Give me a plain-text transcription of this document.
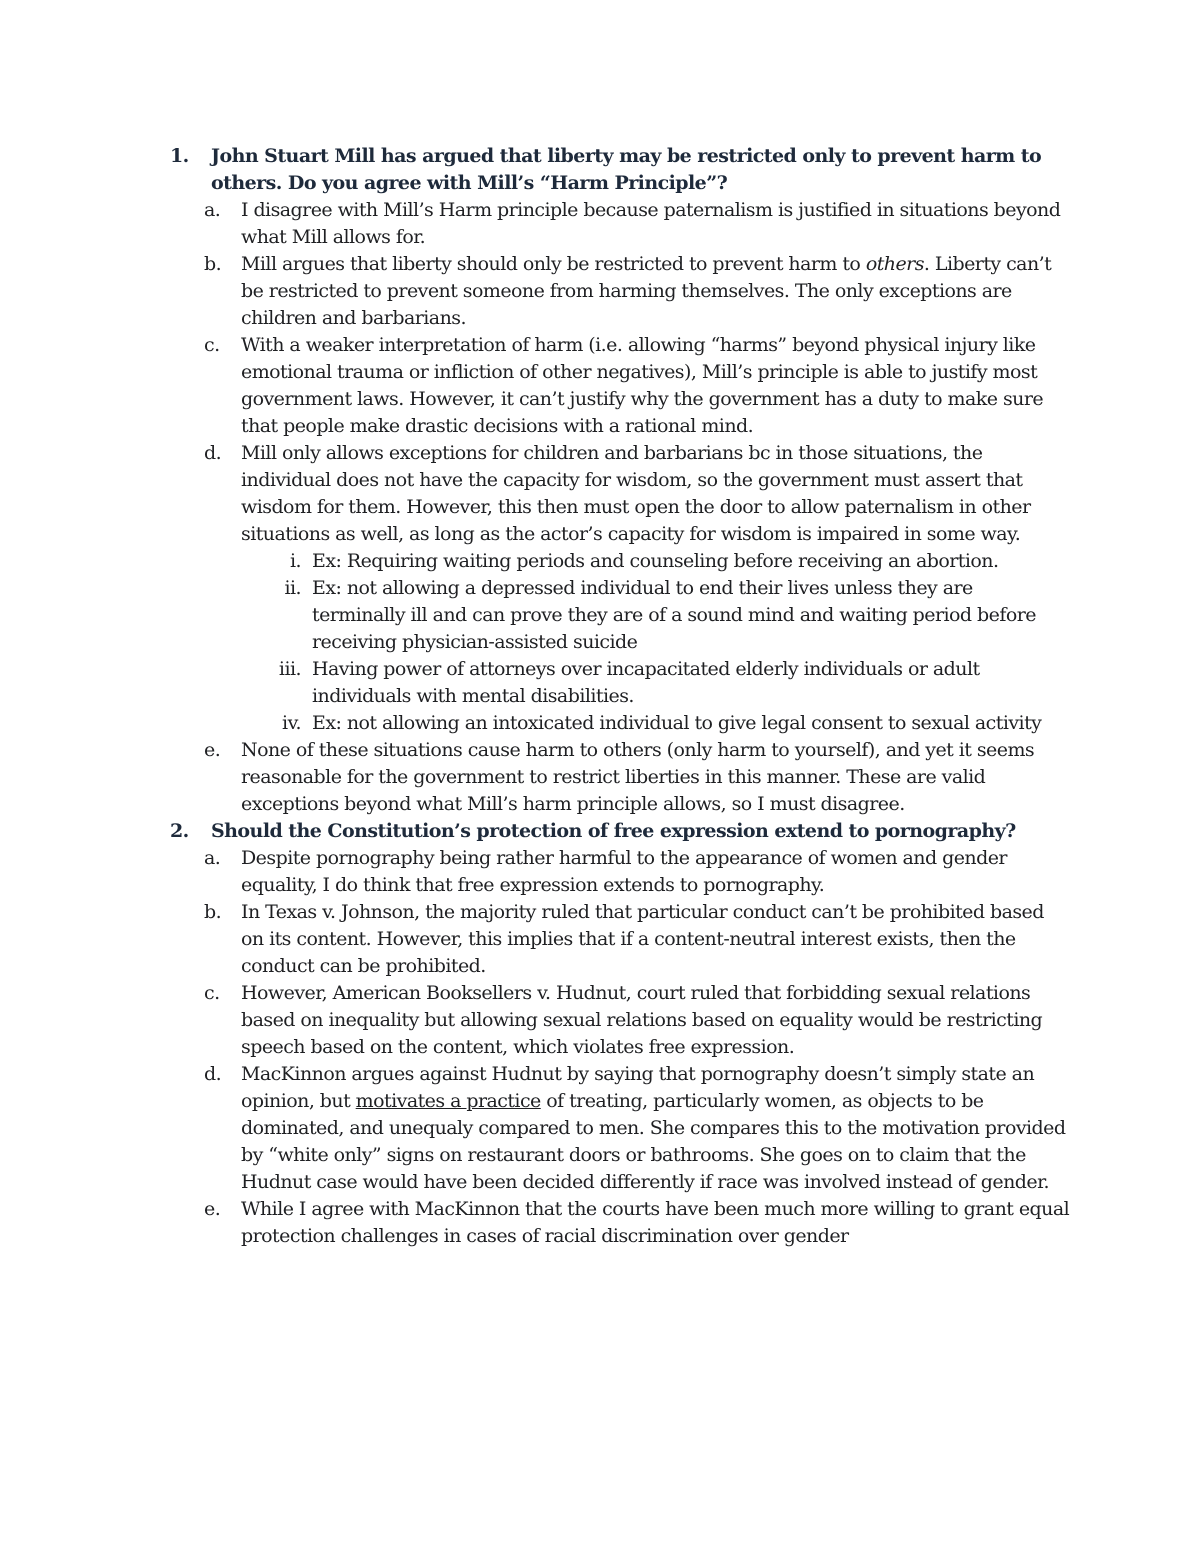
1. John Stuart Mill has argued that liberty may be restricted only to prevent harm to others. Do you agree with Mill’s “Harm Principle”?
a. I disagree with Mill’s Harm principle because paternalism is justified in situations beyond what Mill allows for.
b. Mill argues that liberty should only be restricted to prevent harm to others. Liberty can’t be restricted to prevent someone from harming themselves. The only exceptions are children and barbarians.
c. With a weaker interpretation of harm (i.e. allowing “harms” beyond physical injury like emotional trauma or infliction of other negatives), Mill’s principle is able to justify most government laws. However, it can’t justify why the government has a duty to make sure that people make drastic decisions with a rational mind.
d. Mill only allows exceptions for children and barbarians bc in those situations, the individual does not have the capacity for wisdom, so the government must assert that wisdom for them. However, this then must open the door to allow paternalism in other situations as well, as long as the actor’s capacity for wisdom is impaired in some way.
i. Ex: Requiring waiting periods and counseling before receiving an abortion.
ii. Ex: not allowing a depressed individual to end their lives unless they are terminally ill and can prove they are of a sound mind and waiting period before receiving physician-assisted suicide
iii. Having power of attorneys over incapacitated elderly individuals or adult individuals with mental disabilities.
iv. Ex: not allowing an intoxicated individual to give legal consent to sexual activity
e. None of these situations cause harm to others (only harm to yourself), and yet it seems reasonable for the government to restrict liberties in this manner. These are valid exceptions beyond what Mill’s harm principle allows, so I must disagree.
2. Should the Constitution’s protection of free expression extend to pornography?
a. Despite pornography being rather harmful to the appearance of women and gender equality, I do think that free expression extends to pornography.
b. In Texas v. Johnson, the majority ruled that particular conduct can’t be prohibited based on its content. However, this implies that if a content-neutral interest exists, then the conduct can be prohibited.
c. However, American Booksellers v. Hudnut, court ruled that forbidding sexual relations based on inequality but allowing sexual relations based on equality would be restricting speech based on the content, which violates free expression.
d. MacKinnon argues against Hudnut by saying that pornography doesn’t simply state an opinion, but motivates a practice of treating, particularly women, as objects to be dominated, and unequaly compared to men. She compares this to the motivation provided by “white only” signs on restaurant doors or bathrooms. She goes on to claim that the Hudnut case would have been decided differently if race was involved instead of gender.
e. While I agree with MacKinnon that the courts have been much more willing to grant equal protection challenges in cases of racial discrimination over gender
